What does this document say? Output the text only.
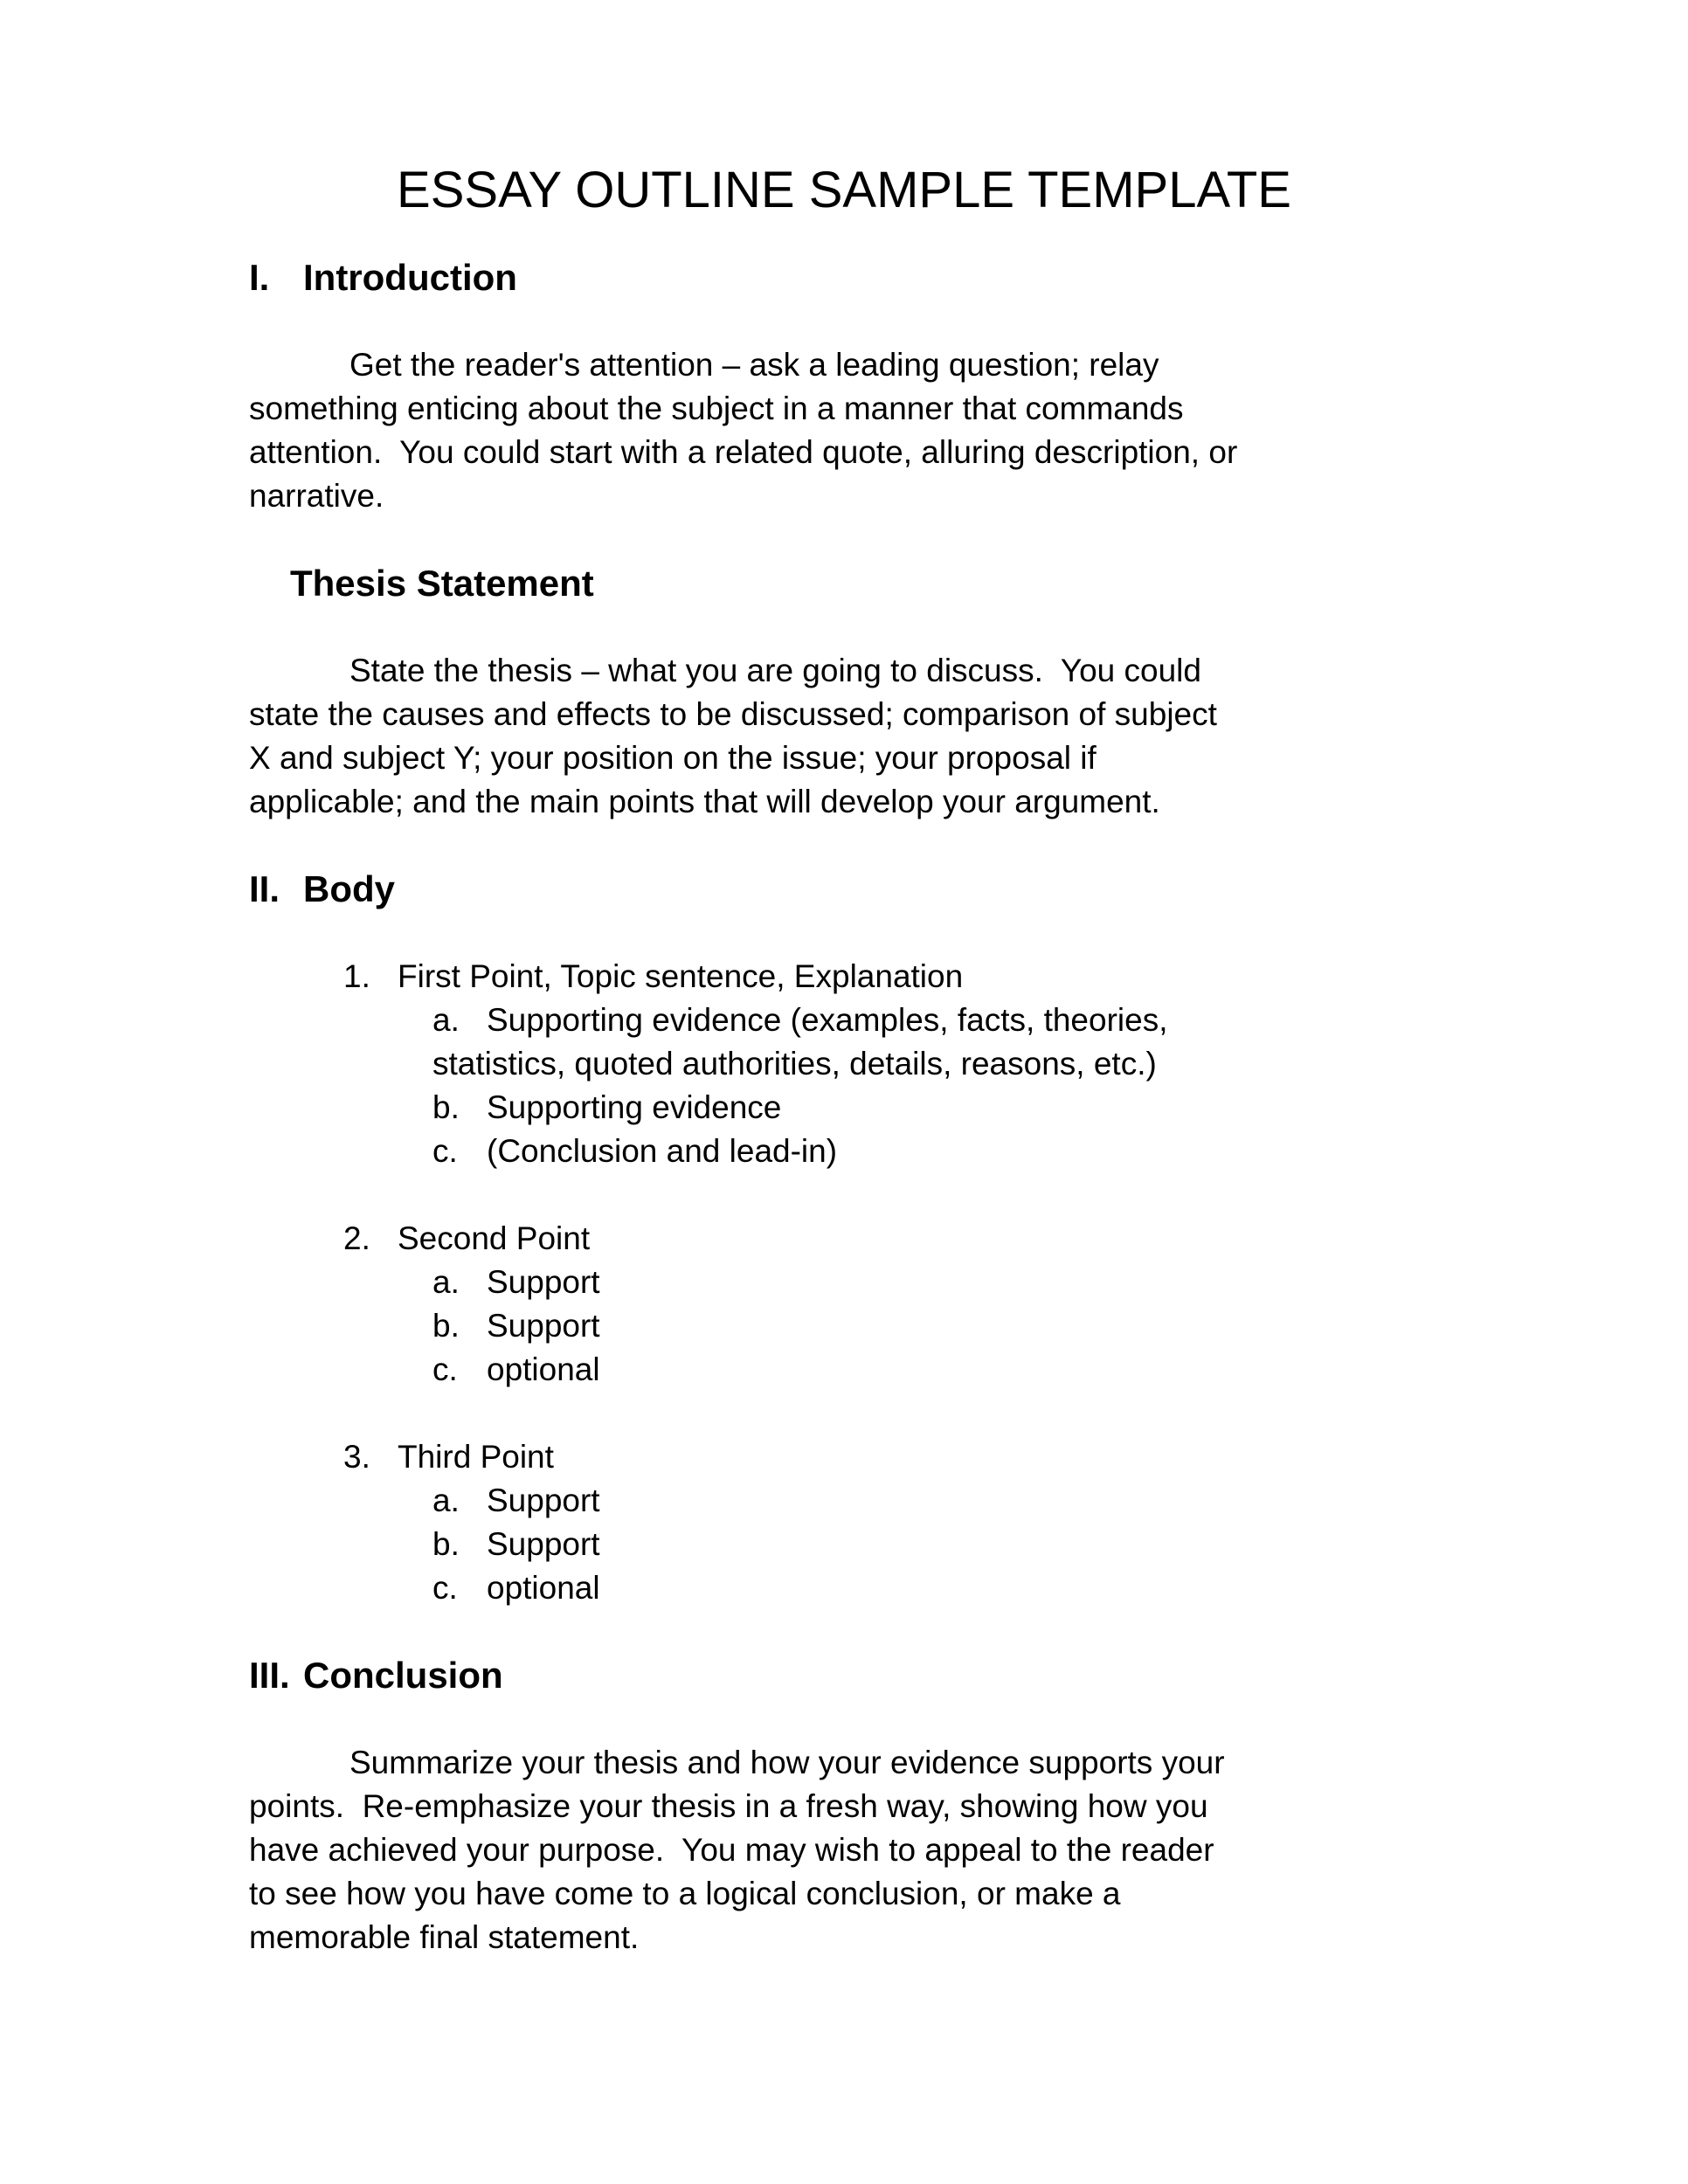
ESSAY OUTLINE SAMPLE TEMPLATE
I. Introduction
Get the reader's attention – ask a leading question; relay
something enticing about the subject in a manner that commands
attention.  You could start with a related quote, alluring description, or
narrative.
Thesis Statement
State the thesis – what you are going to discuss.  You could
state the causes and effects to be discussed; comparison of subject
X and subject Y; your position on the issue; your proposal if
applicable; and the main points that will develop your argument.
II. Body
1. First Point, Topic sentence, Explanation
a. Supporting evidence (examples, facts, theories,
statistics, quoted authorities, details, reasons, etc.)
b. Supporting evidence
c. (Conclusion and lead-in)
2. Second Point
a. Support
b. Support
c. optional
3. Third Point
a. Support
b. Support
c. optional
III. Conclusion
Summarize your thesis and how your evidence supports your
points.  Re-emphasize your thesis in a fresh way, showing how you
have achieved your purpose.  You may wish to appeal to the reader
to see how you have come to a logical conclusion, or make a
memorable final statement.
